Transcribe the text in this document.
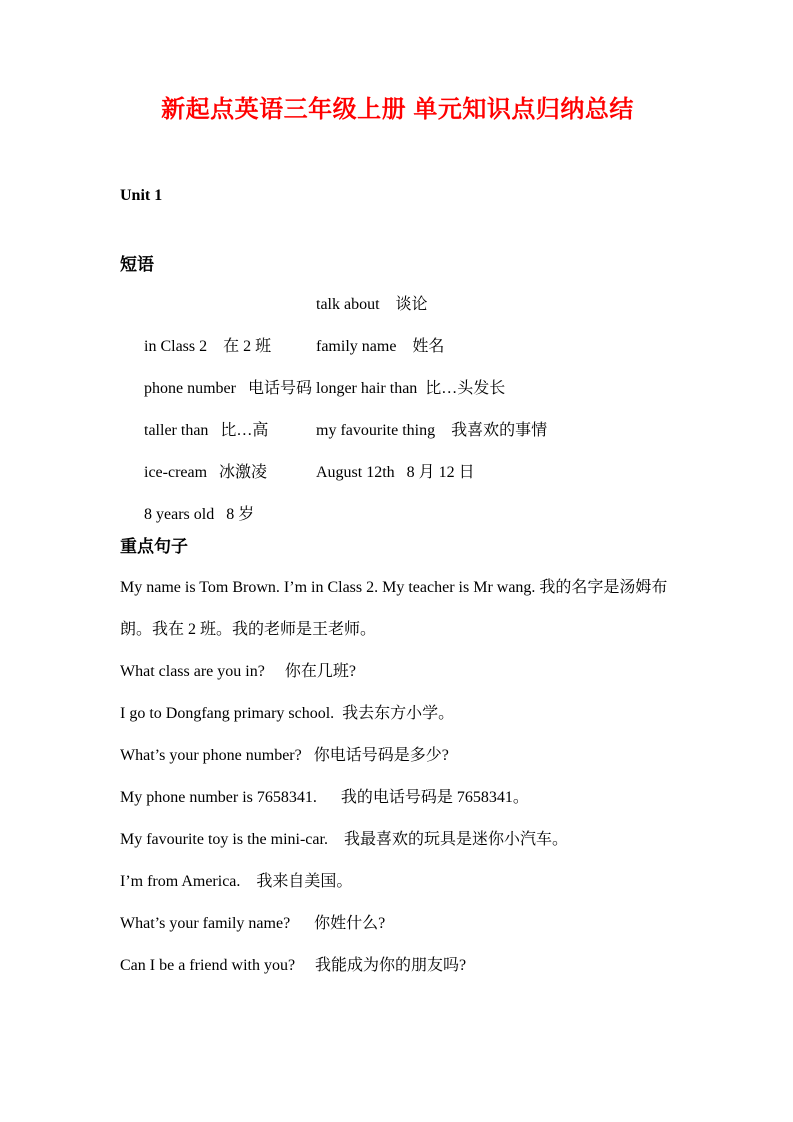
新起点英语三年级上册 单元知识点归纳总结

Unit 1

短语

in Class 2    在 2 班

talk about    谈论

phone number   电话号码

family name    姓名

taller than   比…高

longer hair than  比…头发长

ice-cream   冰激凌

my favourite thing    我喜欢的事情

8 years old   8 岁

August 12th   8 月 12 日

重点句子

My name is Tom Brown. I’m in Class 2. My teacher is Mr wang. 我的名字是汤姆布朗。我在 2 班。我的老师是王老师。

What class are you in?     你在几班?

I go to Dongfang primary school.  我去东方小学。

What’s your phone number?   你电话号码是多少?

My phone number is 7658341.      我的电话号码是 7658341。

My favourite toy is the mini-car.    我最喜欢的玩具是迷你小汽车。

I’m from America.    我来自美国。

What’s your family name?      你姓什么?

Can I be a friend with you?     我能成为你的朋友吗?
